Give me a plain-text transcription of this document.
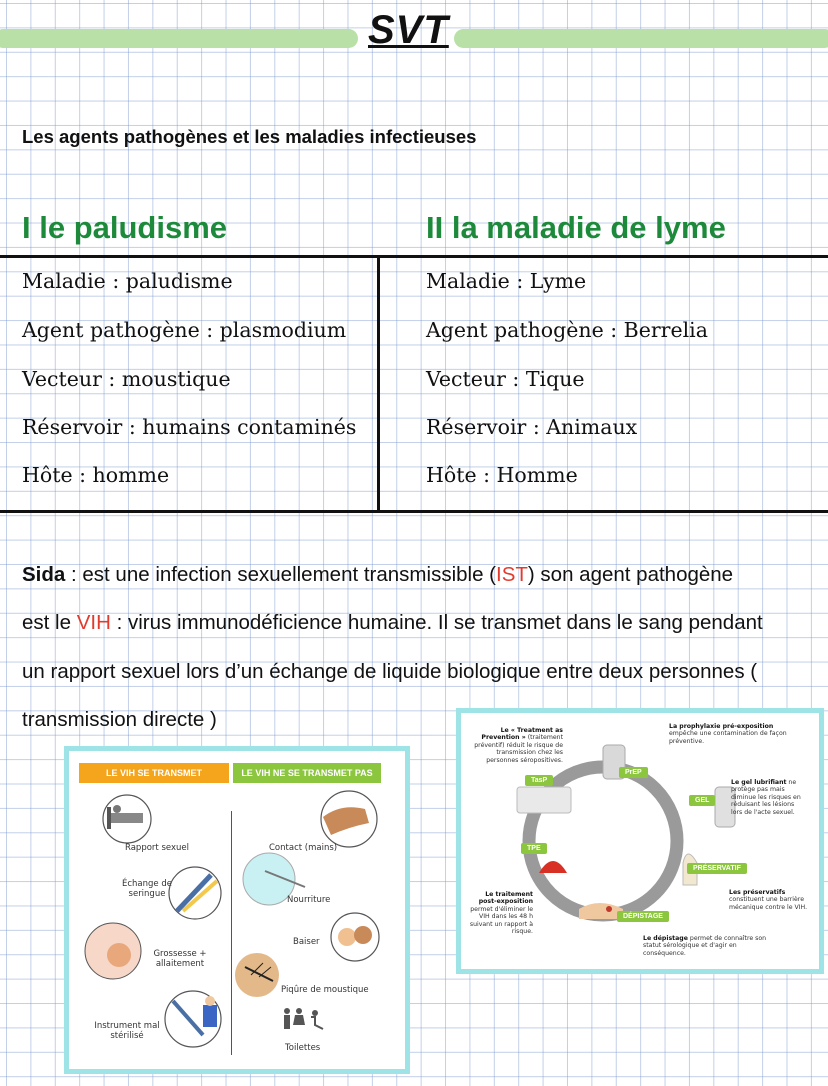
SVT
Les agents pathogènes et les maladies infectieuses
I le paludisme	II la maladie de lyme
Maladie : paludisme
Agent pathogène : plasmodium
Vecteur : moustique
Réservoir : humains contaminés
Hôte : homme
Maladie : Lyme
Agent pathogène : Berrelia
Vecteur : Tique
Réservoir : Animaux
Hôte : Homme
Sida : est une infection sexuellement transmissible (IST) son agent pathogène
est le VIH : virus immunodéficience humaine. Il se transmet dans le sang pendant
un rapport sexuel lors d’un échange de liquide biologique entre deux personnes (
transmission directe )
LE VIH SE TRANSMET	LE VIH NE SE TRANSMET PAS
Rapport sexuel
Échange de
seringue
Grossesse +
allaitement
Instrument mal
stérilisé
Contact (mains)
Nourriture
Baiser
Piqûre de moustique
Toilettes
PrEP
TasP
GEL
TPE
PRÉSERVATIF
DÉPISTAGE
Le « Treatment as Prevention » (traitement préventif) réduit le risque de transmission chez les personnes séropositives.
La prophylaxie pré-exposition empêche une contamination de façon préventive.
Le gel lubrifiant ne protège pas mais diminue les risques en réduisant les lésions lors de l'acte sexuel.
Le traitement post-exposition permet d'éliminer le VIH dans les 48 h suivant un rapport à risque.
Les préservatifs constituent une barrière mécanique contre le VIH.
Le dépistage permet de connaître son statut sérologique et d'agir en conséquence.
